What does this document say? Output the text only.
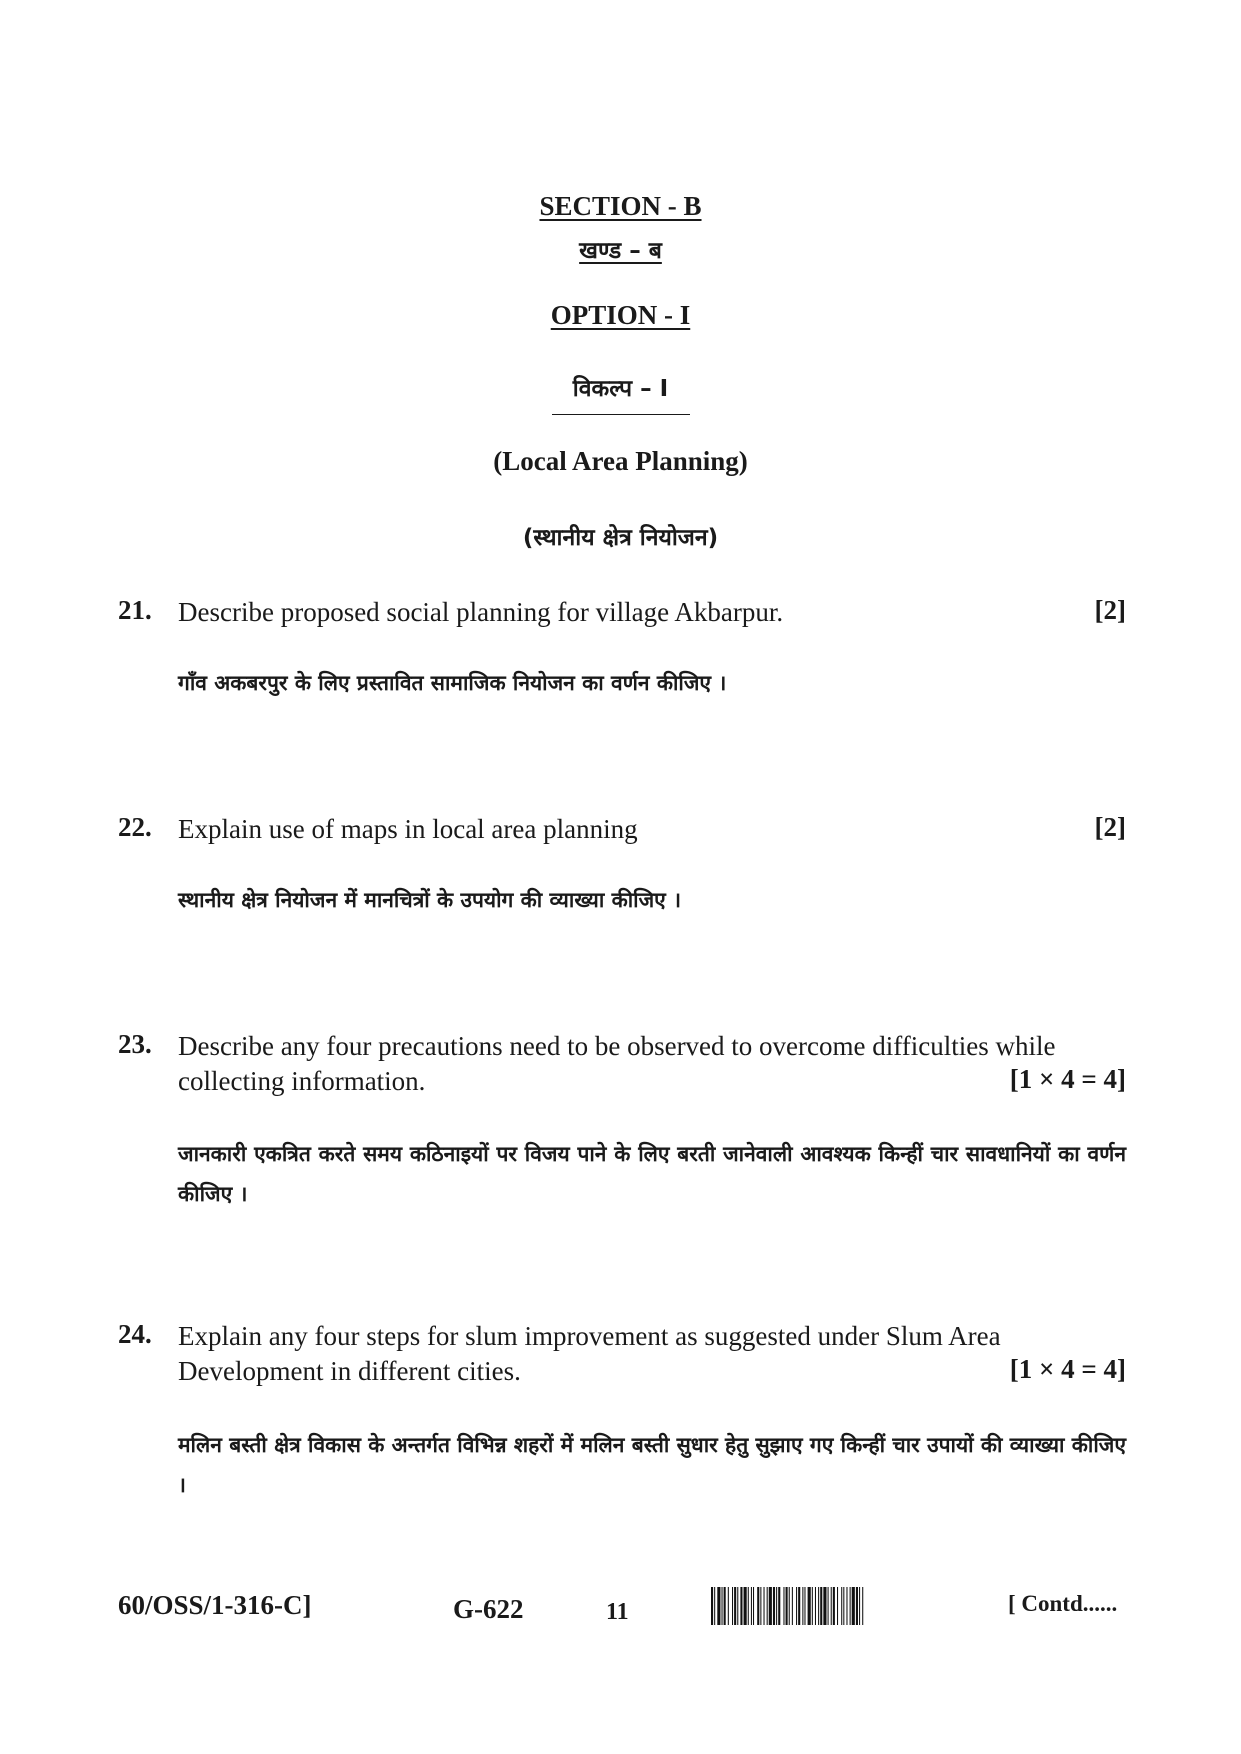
SECTION - B
खण्ड – ब
OPTION - I
विकल्प – I
(Local Area Planning)
(स्थानीय क्षेत्र नियोजन)
21. Describe proposed social planning for village Akbarpur.	[2]
गाँव अकबरपुर के लिए प्रस्तावित सामाजिक नियोजन का वर्णन कीजिए ।
22. Explain use of maps in local area planning	[2]
स्थानीय क्षेत्र नियोजन में मानचित्रों के उपयोग की व्याख्या कीजिए ।
23. Describe any four precautions need to be observed to overcome difficulties while
collecting information.	[1 × 4 = 4]
जानकारी एकत्रित करते समय कठिनाइयों पर विजय पाने के लिए बरती जानेवाली आवश्यक किन्हीं चार सावधानियों का वर्णन कीजिए ।
24. Explain any four steps for slum improvement as suggested under Slum Area
Development in different cities.	[1 × 4 = 4]
मलिन बस्ती क्षेत्र विकास के अन्तर्गत विभिन्न शहरों में मलिन बस्ती सुधार हेतु सुझाए गए किन्हीं चार उपायों की व्याख्या कीजिए ।
60/OSS/1-316-C]	G-622	11	[ Contd......
